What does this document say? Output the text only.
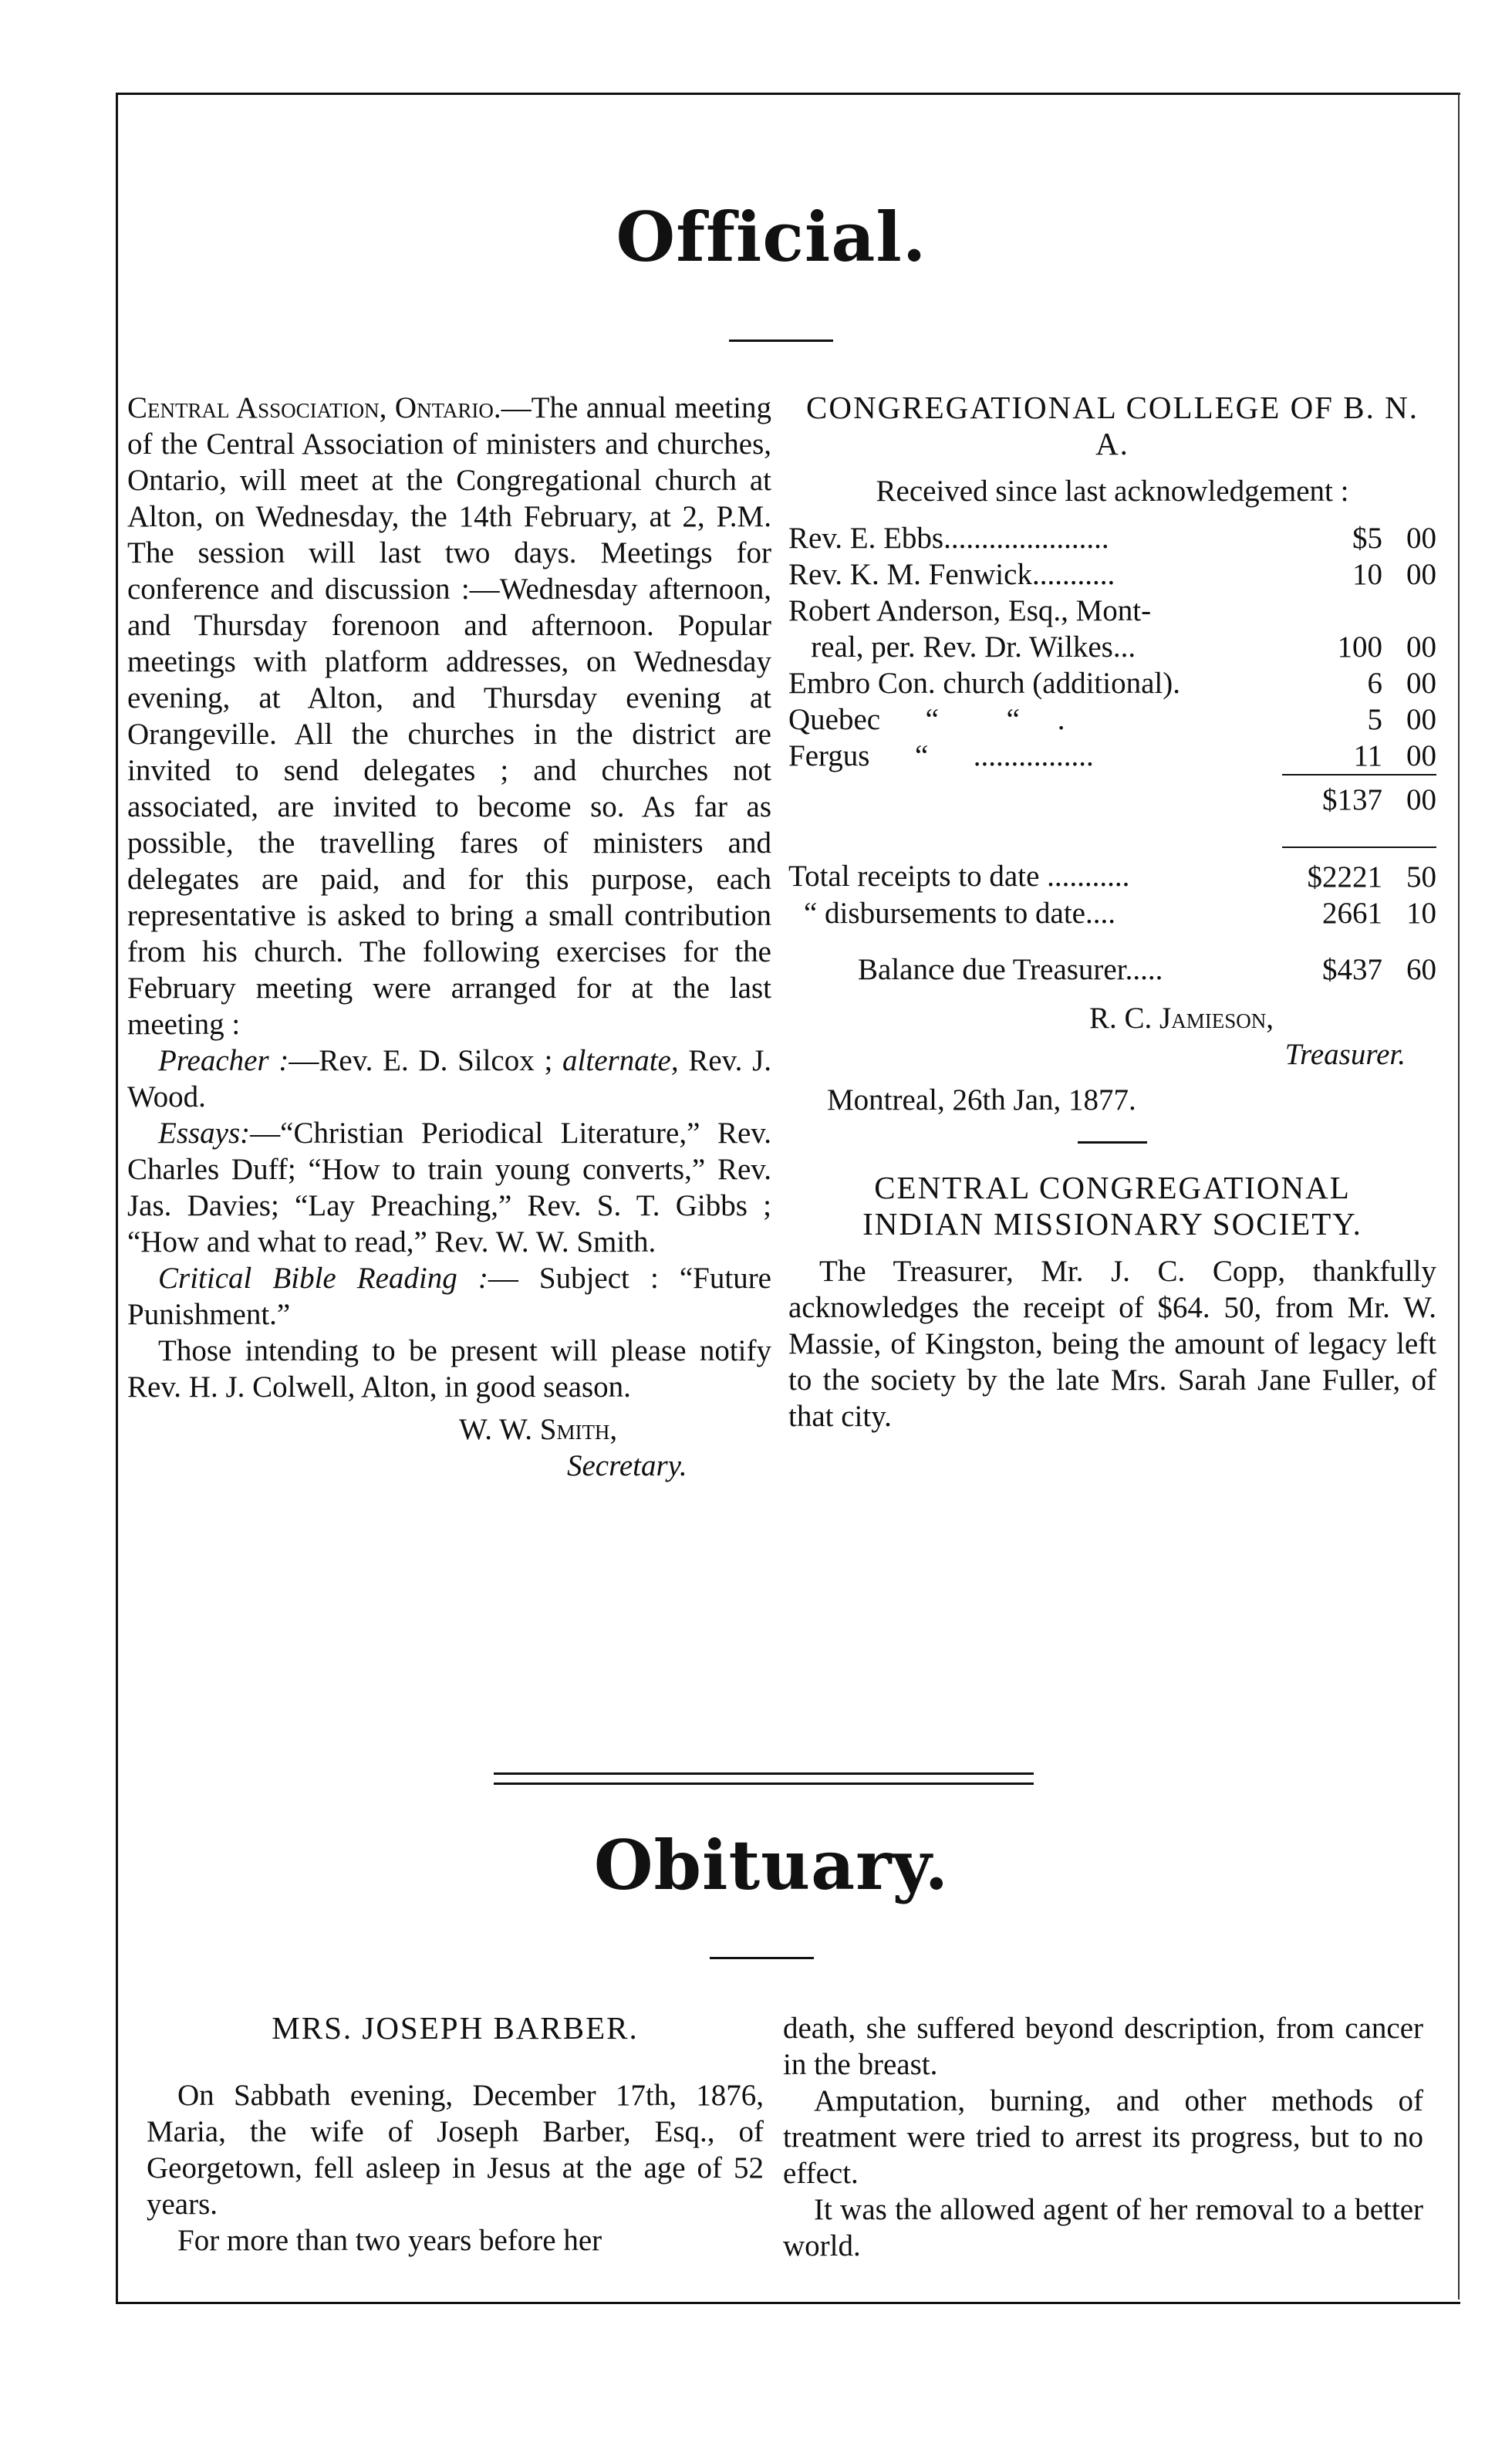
Official.

Central Association, Ontario.—The annual meeting of the Central Association of ministers and churches, Ontario, will meet at the Congregational church at Alton, on Wednesday, the 14th February, at 2, P.M. The session will last two days. Meetings for conference and discussion :—Wednesday afternoon, and Thursday forenoon and afternoon. Popular meetings with platform addresses, on Wednesday evening, at Alton, and Thursday evening at Orangeville. All the churches in the district are invited to send delegates ; and churches not associated, are invited to become so. As far as possible, the travelling fares of ministers and delegates are paid, and for this purpose, each representative is asked to bring a small contribution from his church. The following exercises for the February meeting were arranged for at the last meeting :

Preacher :—Rev. E. D. Silcox ; alternate, Rev. J. Wood.

Essays:—“Christian Periodical Literature,” Rev. Charles Duff; “How to train young converts,” Rev. Jas. Davies; “Lay Preaching,” Rev. S. T. Gibbs ; “How and what to read,” Rev. W. W. Smith.

Critical Bible Reading :— Subject : “Future Punishment.”

Those intending to be present will please notify Rev. H. J. Colwell, Alton, in good season.

W. W. Smith,

Secretary.

CONGREGATIONAL COLLEGE OF B. N. A.

Received since last acknowledgement :

Rev. E. Ebbs......................	$5	00
Rev. K. M. Fenwick...........	10	00
Robert Anderson, Esq., Mont-		
real, per. Rev. Dr. Wilkes...	100	00
Embro Con. church (additional).	6	00
Quebec      “         “     .	5	00
Fergus      “      ................	11	00
	$137	00

Total receipts to date ...........	$2221	50
“ disbursements to date....	2661	10
Balance due Treasurer.....	$437	60

R. C. Jamieson,

Treasurer.

Montreal, 26th Jan, 1877.

CENTRAL CONGREGATIONAL
INDIAN MISSIONARY SOCIETY.

The Treasurer, Mr. J. C. Copp, thankfully acknowledges the receipt of $64. 50, from Mr. W. Massie, of Kingston, being the amount of legacy left to the society by the late Mrs. Sarah Jane Fuller, of that city.

Obituary.
MRS. JOSEPH BARBER.

On Sabbath evening, December 17th, 1876, Maria, the wife of Joseph Barber, Esq., of Georgetown, fell asleep in Jesus at the age of 52 years.

For more than two years before her

death, she suffered beyond description, from cancer in the breast.

Amputation, burning, and other methods of treatment were tried to arrest its progress, but to no effect.

It was the allowed agent of her removal to a better world.
